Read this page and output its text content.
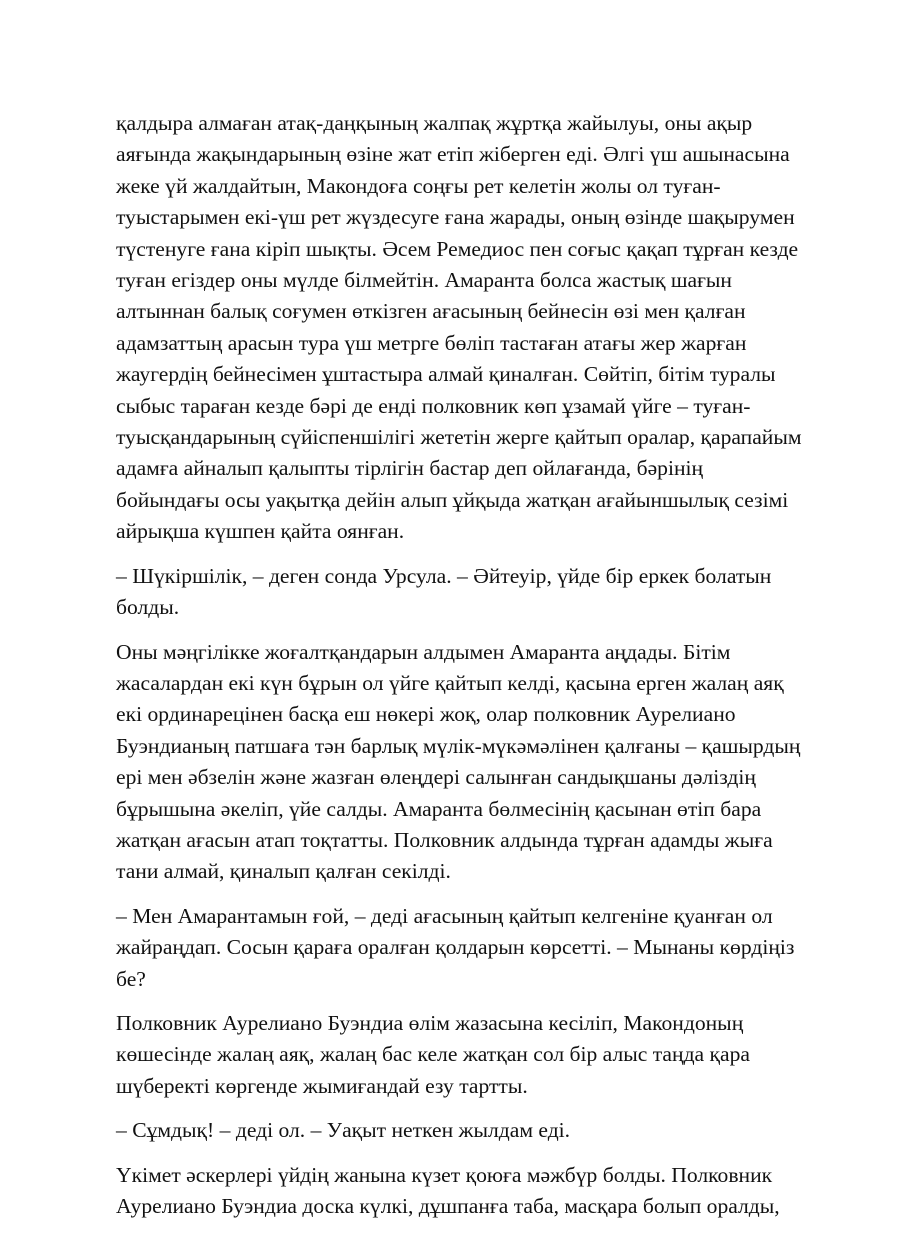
қалдыра алмаған атақ-даңқының жалпақ жұртқа жайылуы, оны ақыр аяғында жақындарының өзіне жат етіп жіберген еді. Әлгі үш ашынасына жеке үй жалдайтын, Макондоға соңғы рет келетін жолы ол туған-туыстарымен екі-үш рет жүздесуге ғана жарады, оның өзінде шақырумен түстенуге ғана кіріп шықты. Әсем Ремедиос пен соғыс қақап тұрған кезде туған егіздер оны мүлде білмейтін. Амаранта болса жастық шағын алтыннан балық соғумен өткізген ағасының бейнесін өзі мен қалған адамзаттың арасын тура үш метрге бөліп тастаған атағы жер жарған жаугердің бейнесімен ұштастыра алмай қиналған. Сөйтіп, бітім туралы сыбыс тараған кезде бәрі де енді полковник көп ұзамай үйге – туған-туысқандарының сүйіспеншілігі жететін жерге қайтып оралар, қарапайым адамға айналып қалыпты тірлігін бастар деп ойлағанда, бәрінің бойындағы осы уақытқа дейін алып ұйқыда жатқан ағайыншылық сезімі айрықша күшпен қайта оянған.

– Шүкіршілік, – деген сонда Урсула. – Әйтеуір, үйде бір еркек болатын болды.

Оны мәңгілікке жоғалтқандарын алдымен Амаранта аңдады. Бітім жасалардан екі күн бұрын ол үйге қайтып келді, қасына ерген жалаң аяқ екі ординарецінен басқа еш нөкері жоқ, олар полковник Аурелиано Буэндианың патшаға тән барлық мүлік-мүкәмәлінен қалғаны – қашырдың ері мен әбзелін және жазған өлеңдері салынған сандықшаны дәліздің бұрышына әкеліп, үйе салды. Амаранта бөлмесінің қасынан өтіп бара жатқан ағасын атап тоқтатты. Полковник алдында тұрған адамды жыға тани алмай, қиналып қалған секілді.

– Мен Амарантамын ғой, – деді ағасының қайтып келгеніне қуанған ол жайраңдап. Сосын қараға оралған қолдарын көрсетті. – Мынаны көрдіңіз бе?

Полковник Аурелиано Буэндиа өлім жазасына кесіліп, Макондоның көшесінде жалаң аяқ, жалаң бас келе жатқан сол бір алыс таңда қара шүберекті көргенде жымиғандай езу тартты.

– Сұмдық! – деді ол. – Уақыт неткен жылдам еді.

Үкімет әскерлері үйдің жанына күзет қоюға мәжбүр болды. Полковник Аурелиано Буэндиа доска күлкі, дұшпанға таба, масқара болып оралды,
